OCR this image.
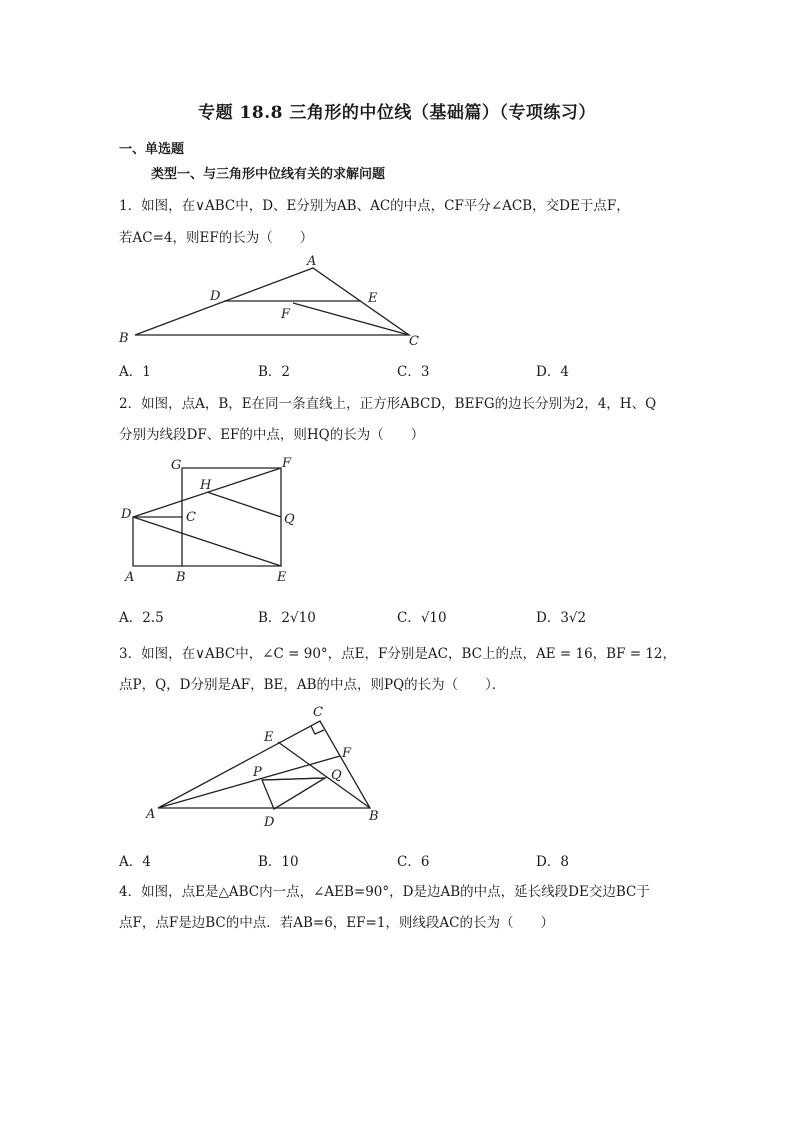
专题 18.8 三角形的中位线（基础篇）（专项练习）
一、单选题
类型一、与三角形中位线有关的求解问题
1．如图，在∨ABC中，D、E分别为AB、AC的中点，CF平分∠ACB，交DE于点F，
若AC=4，则EF的长为（　　）
A
B	C
D	E
F
A．1	B．2	C．3	D．4
2．如图，点A，B，E在同一条直线上，正方形ABCD，BEFG的边长分别为2，4，H、Q
分别为线段DF、EF的中点，则HQ的长为（　　）
G	F
H
D	C	Q
A	B	E
A．2.5	B．2√10	C．√10	D．3√2
3．如图，在∨ABC中，∠C = 90°，点E，F分别是AC，BC上的点，AE = 16，BF = 12，
点P，Q，D分别是AF，BE，AB的中点，则PQ的长为（　　）．
C
E
F
P	Q
A
D	B
A．4	B．10	C．6	D．8
4．如图，点E是△ABC内一点，∠AEB=90°，D是边AB的中点，延长线段DE交边BC于
点F，点F是边BC的中点．若AB=6，EF=1，则线段AC的长为（　　）
